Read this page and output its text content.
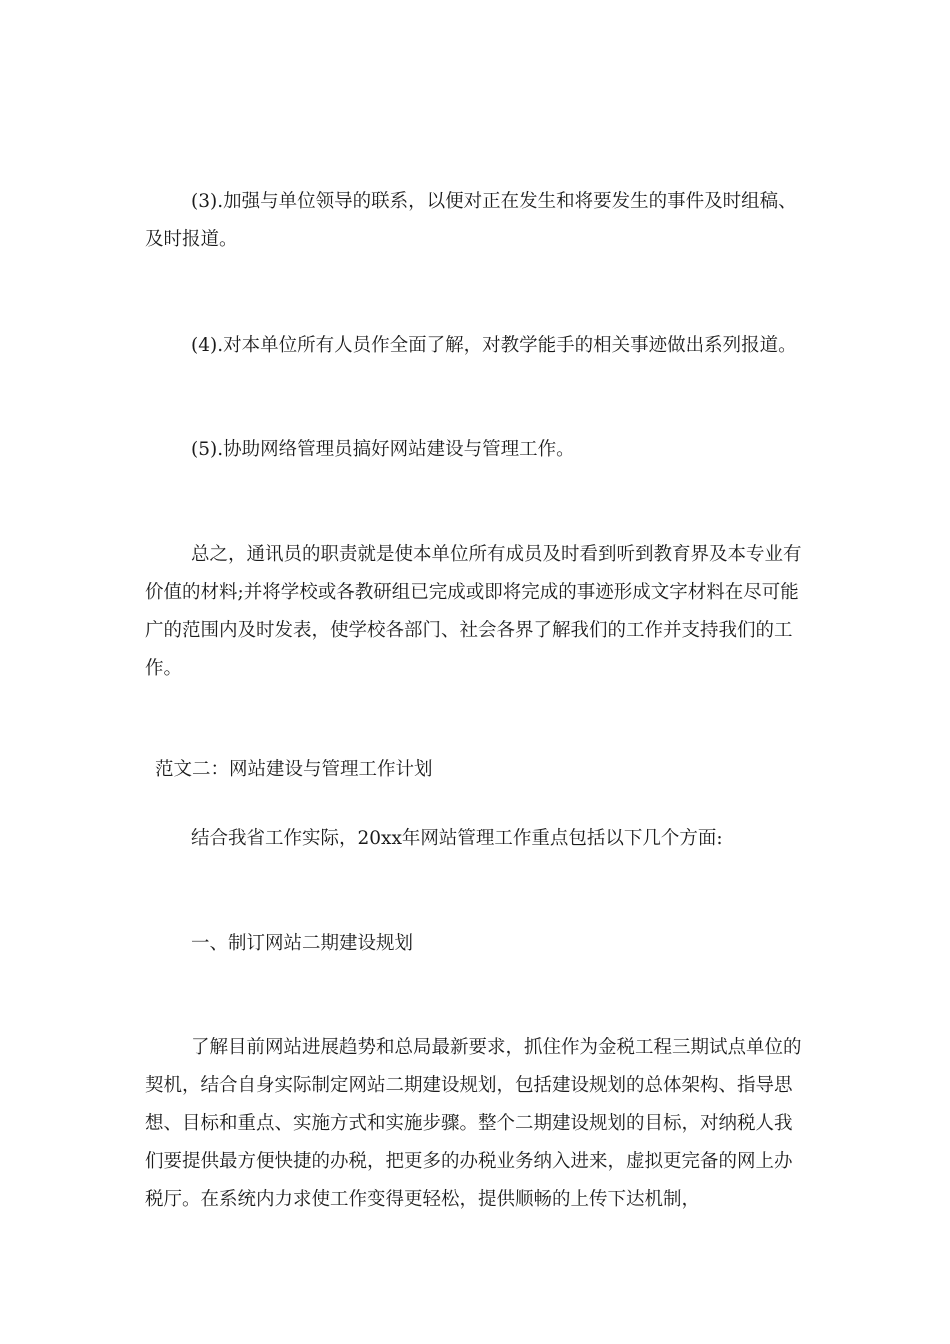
(3).加强与单位领导的联系，以便对正在发生和将要发生的事件及时组稿、及时报道。

(4).对本单位所有人员作全面了解，对教学能手的相关事迹做出系列报道。

(5).协助网络管理员搞好网站建设与管理工作。

总之，通讯员的职责就是使本单位所有成员及时看到听到教育界及本专业有价值的材料;并将学校或各教研组已完成或即将完成的事迹形成文字材料在尽可能广的范围内及时发表，使学校各部门、社会各界了解我们的工作并支持我们的工作。

范文二：网站建设与管理工作计划

结合我省工作实际，20xx年网站管理工作重点包括以下几个方面:

一、制订网站二期建设规划

了解目前网站进展趋势和总局最新要求，抓住作为金税工程三期试点单位的契机，结合自身实际制定网站二期建设规划，包括建设规划的总体架构、指导思想、目标和重点、实施方式和实施步骤。整个二期建设规划的目标，对纳税人我们要提供最方便快捷的办税，把更多的办税业务纳入进来，虚拟更完备的网上办税厅。在系统内力求使工作变得更轻松，提供顺畅的上传下达机制，
